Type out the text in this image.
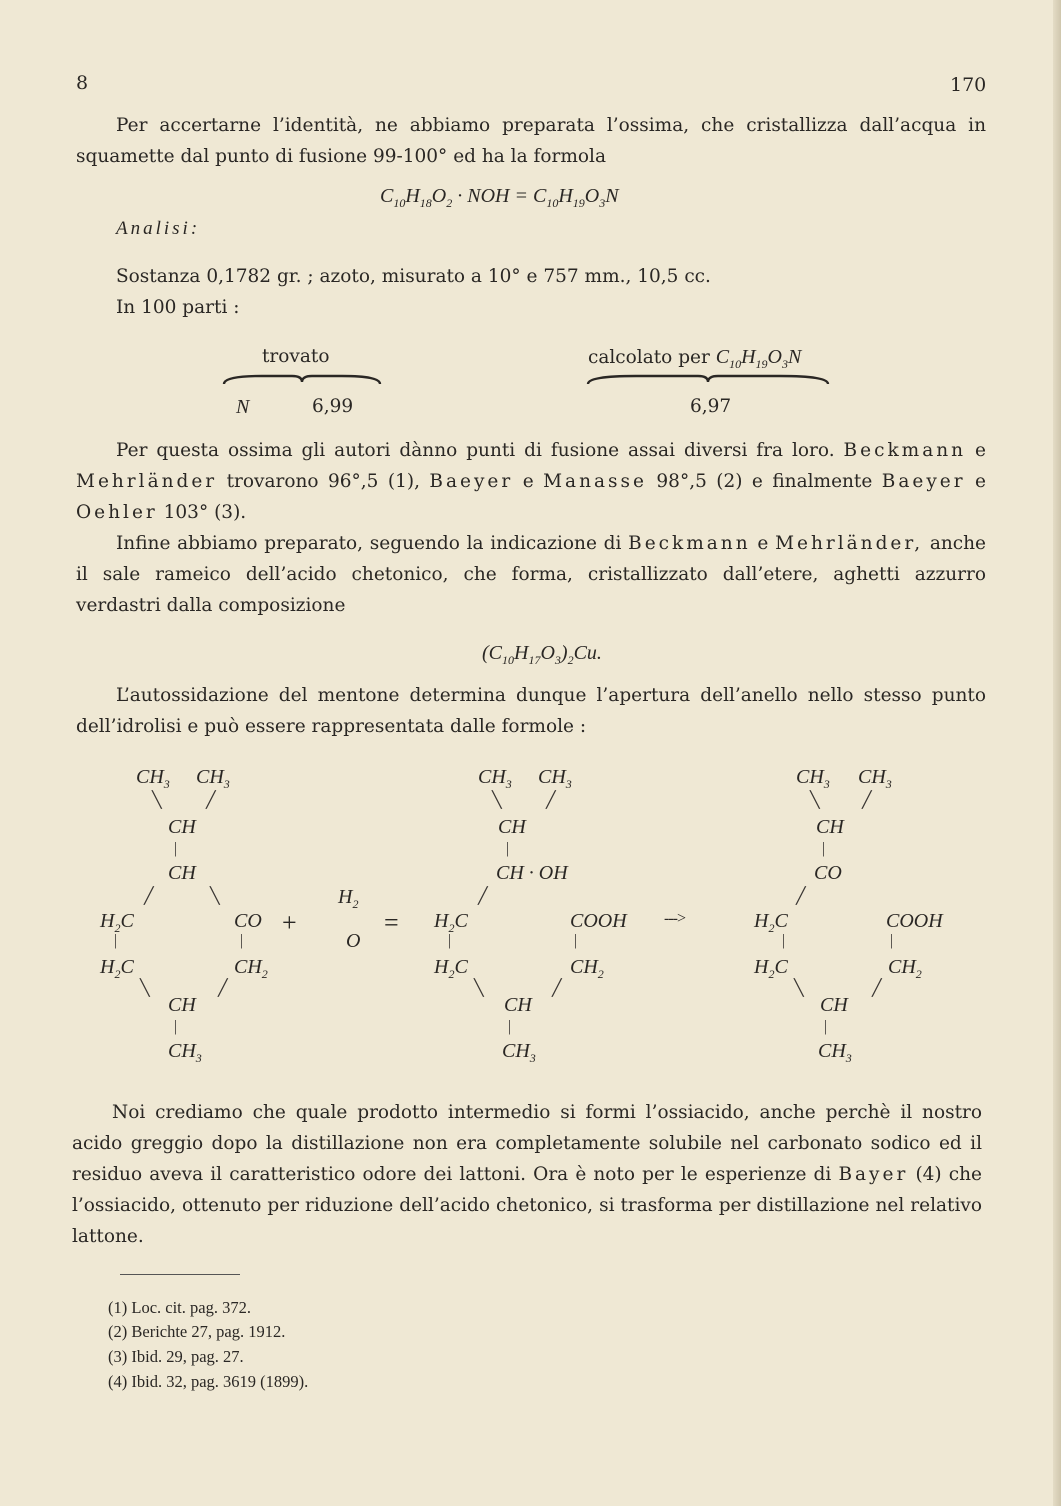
8	170

Per accertarne l’identità, ne abbiamo preparata l’ossima, che cristallizza dall’acqua in squamette dal punto di fusione 99-100° ed ha la formola

$C_{10}H_{18}O_2$ · NOH = $C_{10}H_{19}O_3N$
Analisi:
Sostanza 0,1782 gr. ; azoto, misurato a 10° e 757 mm., 10,5 cc.
In 100 parti :
trovato	calcolato per $C_{10}H_{19}O_3N$
N	6,99	6,97

Per questa ossima gli autori dànno punti di fusione assai diversi fra loro. Beckmann e Mehrländer trovarono 96°,5 (1), Baeyer e Manasse 98°,5 (2) e finalmente Baeyer e Oehler 103° (3).

Infine abbiamo preparato, seguendo la indicazione di Beckmann e Mehrländer, anche il sale rameico dell’acido chetonico, che forma, cristallizzato dall’etere, aghetti azzurro verdastri dalla composizione

$(C_{10}H_{17}O_3)_2Cu$.

L’autossidazione del mentone determina dunque l’apertura dell’anello nello stesso punto dell’idrolisi e può essere rappresentata dalle formole :

$CH_3$ $CH_3$
╲	╱
CH
|
CH
╱	╲
$H_2C$	CO
|	|
$H_2C$	$CH_2$
╲	╱
CH
|
$CH_3$
+
$H_2$
O
=
$CH_3$ $CH_3$
╲	╱
CH
|
CH · OH
╱
$H_2C$	COOH
|	|
$H_2C$	$CH_2$
╲	╱
CH
|
$CH_3$
--->
$CH_3$ $CH_3$
╲	╱
CH
|
CO
╱
$H_2C$	COOH
|	|
$H_2C$	$CH_2$
╲	╱
CH
|
$CH_3$

Noi crediamo che quale prodotto intermedio si formi l’ossiacido, anche perchè il nostro acido greggio dopo la distillazione non era completamente solubile nel carbonato sodico ed il residuo aveva il caratteristico odore dei lattoni. Ora è noto per le esperienze di Bayer (4) che l’ossiacido, ottenuto per riduzione dell’acido chetonico, si trasforma per distillazione nel relativo lattone.

(1) Loc. cit. pag. 372.
(2) Berichte 27, pag. 1912.
(3) Ibid. 29, pag. 27.
(4) Ibid. 32, pag. 3619 (1899).
